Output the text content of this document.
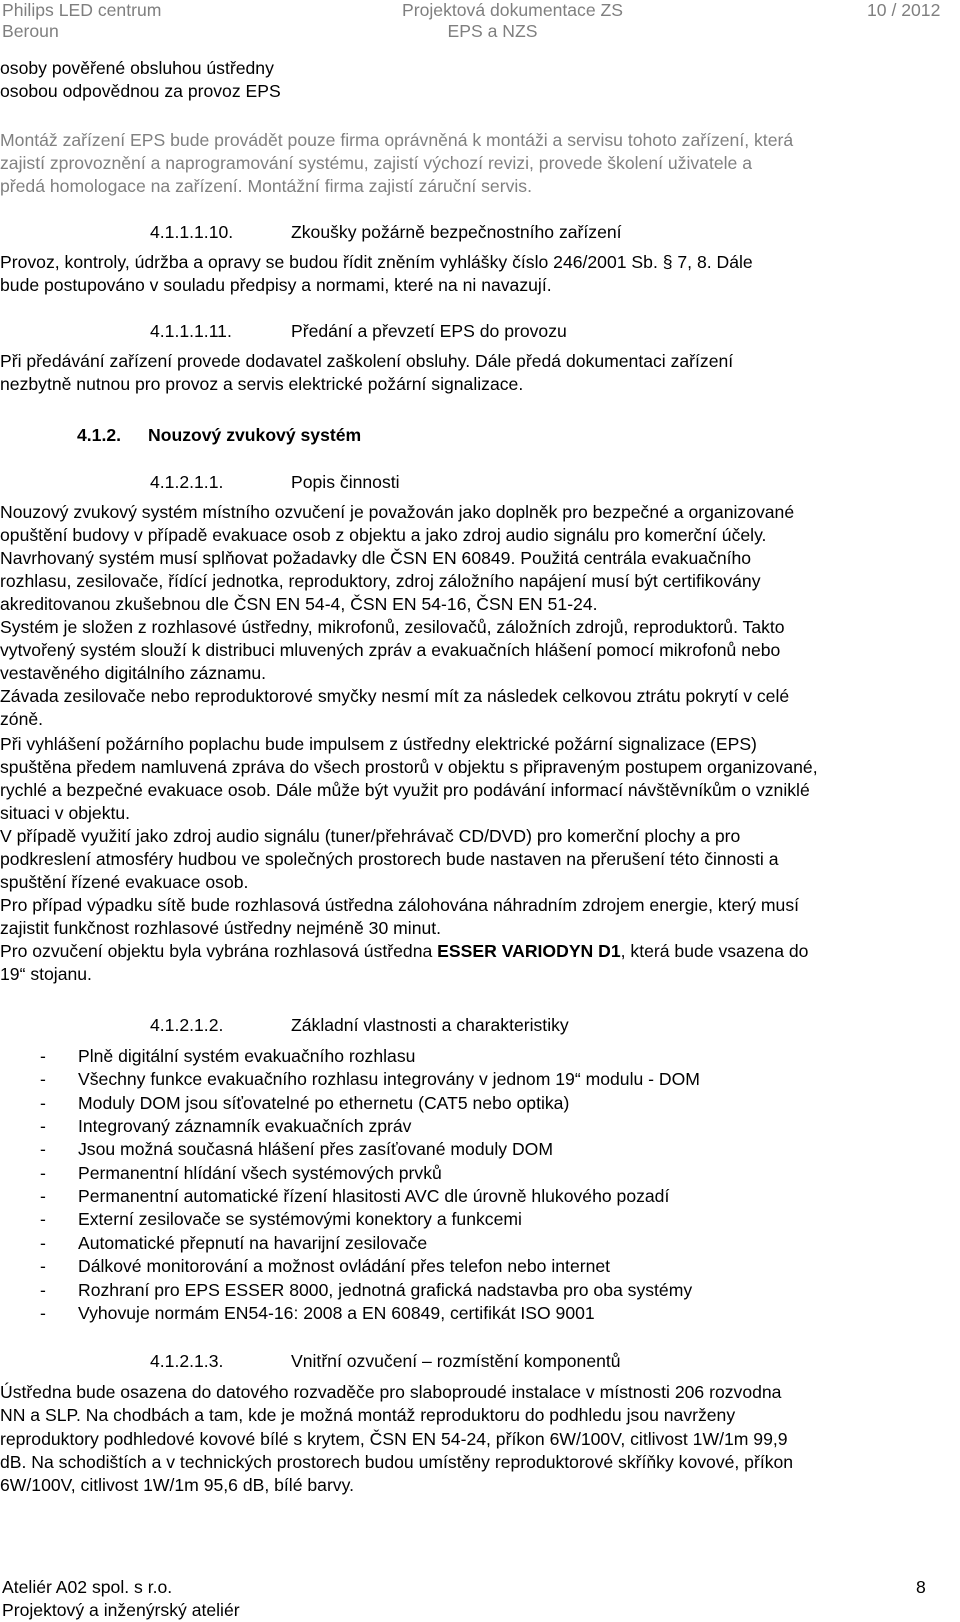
Philips LED centrum
Beroun
Projektová dokumentace ZS
EPS a NZS
10 / 2012
osoby pověřené obsluhou ústředny
osobou odpovědnou za provoz EPS
Montáž zařízení EPS bude provádět pouze firma oprávněná k montáži a servisu tohoto zařízení, která
zajistí zprovoznění a naprogramování systému, zajistí výchozí revizi, provede školení uživatele a
předá homologace na zařízení. Montážní firma zajistí záruční servis.
4.1.1.1.10.	Zkoušky požárně bezpečnostního zařízení
Provoz, kontroly, údržba a opravy se budou řídit zněním vyhlášky číslo 246/2001 Sb. § 7, 8. Dále
bude postupováno v souladu předpisy a normami, které na ni navazují.
4.1.1.1.11.	Předání a převzetí EPS do provozu
Při předávání zařízení provede dodavatel zaškolení obsluhy. Dále předá dokumentaci zařízení
nezbytně nutnou pro provoz a servis elektrické požární signalizace.
4.1.2. Nouzový zvukový systém
4.1.2.1.1.	Popis činnosti
Nouzový zvukový systém místního ozvučení je považován jako doplněk pro bezpečné a organizované
opuštění budovy v případě evakuace osob z objektu a jako zdroj audio signálu pro komerční účely.
Navrhovaný systém musí splňovat požadavky dle ČSN EN 60849. Použitá centrála evakuačního
rozhlasu, zesilovače, řídící jednotka, reproduktory, zdroj záložního napájení musí být certifikovány
akreditovanou zkušebnou dle ČSN EN 54-4, ČSN EN 54-16, ČSN EN 51-24.
Systém je složen z rozhlasové ústředny, mikrofonů, zesilovačů, záložních zdrojů, reproduktorů. Takto
vytvořený systém slouží k distribuci mluvených zpráv a evakuačních hlášení pomocí mikrofonů nebo
vestavěného digitálního záznamu.
Závada zesilovače nebo reproduktorové smyčky nesmí mít za následek celkovou ztrátu pokrytí v celé
zóně.
Při vyhlášení požárního poplachu bude impulsem z ústředny elektrické požární signalizace (EPS)
spuštěna předem namluvená zpráva do všech prostorů v objektu s připraveným postupem organizované,
rychlé a bezpečné evakuace osob. Dále může být využit pro podávání informací návštěvníkům o vzniklé
situaci v objektu.
V případě využití jako zdroj audio signálu (tuner/přehrávač CD/DVD) pro komerční plochy a pro
podkreslení atmosféry hudbou ve společných prostorech bude nastaven na přerušení této činnosti a
spuštění řízené evakuace osob.
Pro případ výpadku sítě bude rozhlasová ústředna zálohována náhradním zdrojem energie, který musí
zajistit funkčnost rozhlasové ústředny nejméně 30 minut.
Pro ozvučení objektu byla vybrána rozhlasová ústředna ESSER VARIODYN D1, která bude vsazena do
19“ stojanu.
4.1.2.1.2.	Základní vlastnosti a charakteristiky
- Plně digitální systém evakuačního rozhlasu
- Všechny funkce evakuačního rozhlasu integrovány v jednom 19“ modulu - DOM
- Moduly DOM jsou síťovatelné po ethernetu (CAT5 nebo optika)
- Integrovaný záznamník evakuačních zpráv
- Jsou možná současná hlášení přes zasíťované moduly DOM
- Permanentní hlídání všech systémových prvků
- Permanentní automatické řízení hlasitosti AVC dle úrovně hlukového pozadí
- Externí zesilovače se systémovými konektory a funkcemi
- Automatické přepnutí na havarijní zesilovače
- Dálkové monitorování a možnost ovládání přes telefon nebo internet
- Rozhraní pro EPS ESSER 8000, jednotná grafická nadstavba pro oba systémy
- Vyhovuje normám EN54-16: 2008 a EN 60849, certifikát ISO 9001
4.1.2.1.3.	Vnitřní ozvučení – rozmístění komponentů
Ústředna bude osazena do datového rozvaděče pro slaboproudé instalace v místnosti 206 rozvodna
NN a SLP. Na chodbách a tam, kde je možná montáž reproduktoru do podhledu jsou navrženy
reproduktory podhledové kovové bílé s krytem, ČSN EN 54-24, příkon 6W/100V, citlivost 1W/1m 99,9
dB. Na schodištích a v technických prostorech budou umístěny reproduktorové skříňky kovové, příkon
6W/100V, citlivost 1W/1m 95,6 dB, bílé barvy.
Ateliér A02 spol. s r.o.
Projektový a inženýrský ateliér
8
